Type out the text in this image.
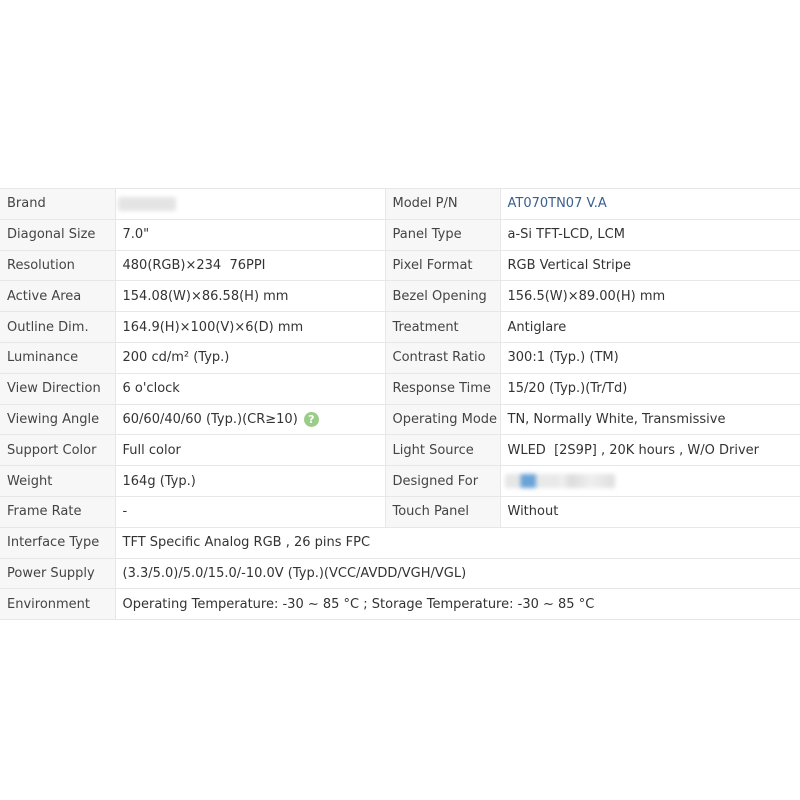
Brand		Model P/N	AT070TN07 V.A
Diagonal Size	7.0"	Panel Type	a-Si TFT-LCD, LCM
Resolution	480(RGB)×234  76PPI	Pixel Format	RGB Vertical Stripe
Active Area	154.08(W)×86.58(H) mm	Bezel Opening	156.5(W)×89.00(H) mm
Outline Dim.	164.9(H)×100(V)×6(D) mm	Treatment	Antiglare
Luminance	200 cd/m² (Typ.)	Contrast Ratio	300:1 (Typ.) (TM)
View Direction	6 o'clock	Response Time	15/20 (Typ.)(Tr/Td)
Viewing Angle	60/60/40/60 (Typ.)(CR≥10) ?	Operating Mode	TN, Normally White, Transmissive
Support Color	Full color	Light Source	WLED  [2S9P] , 20K hours , W/O Driver
Weight	164g (Typ.)	Designed For	
Frame Rate	-	Touch Panel	Without
Interface Type	TFT Specific Analog RGB , 26 pins FPC		
Power Supply	(3.3/5.0)/5.0/15.0/-10.0V (Typ.)(VCC/AVDD/VGH/VGL)		
Environment	Operating Temperature: -30 ~ 85 °C ; Storage Temperature: -30 ~ 85 °C		
